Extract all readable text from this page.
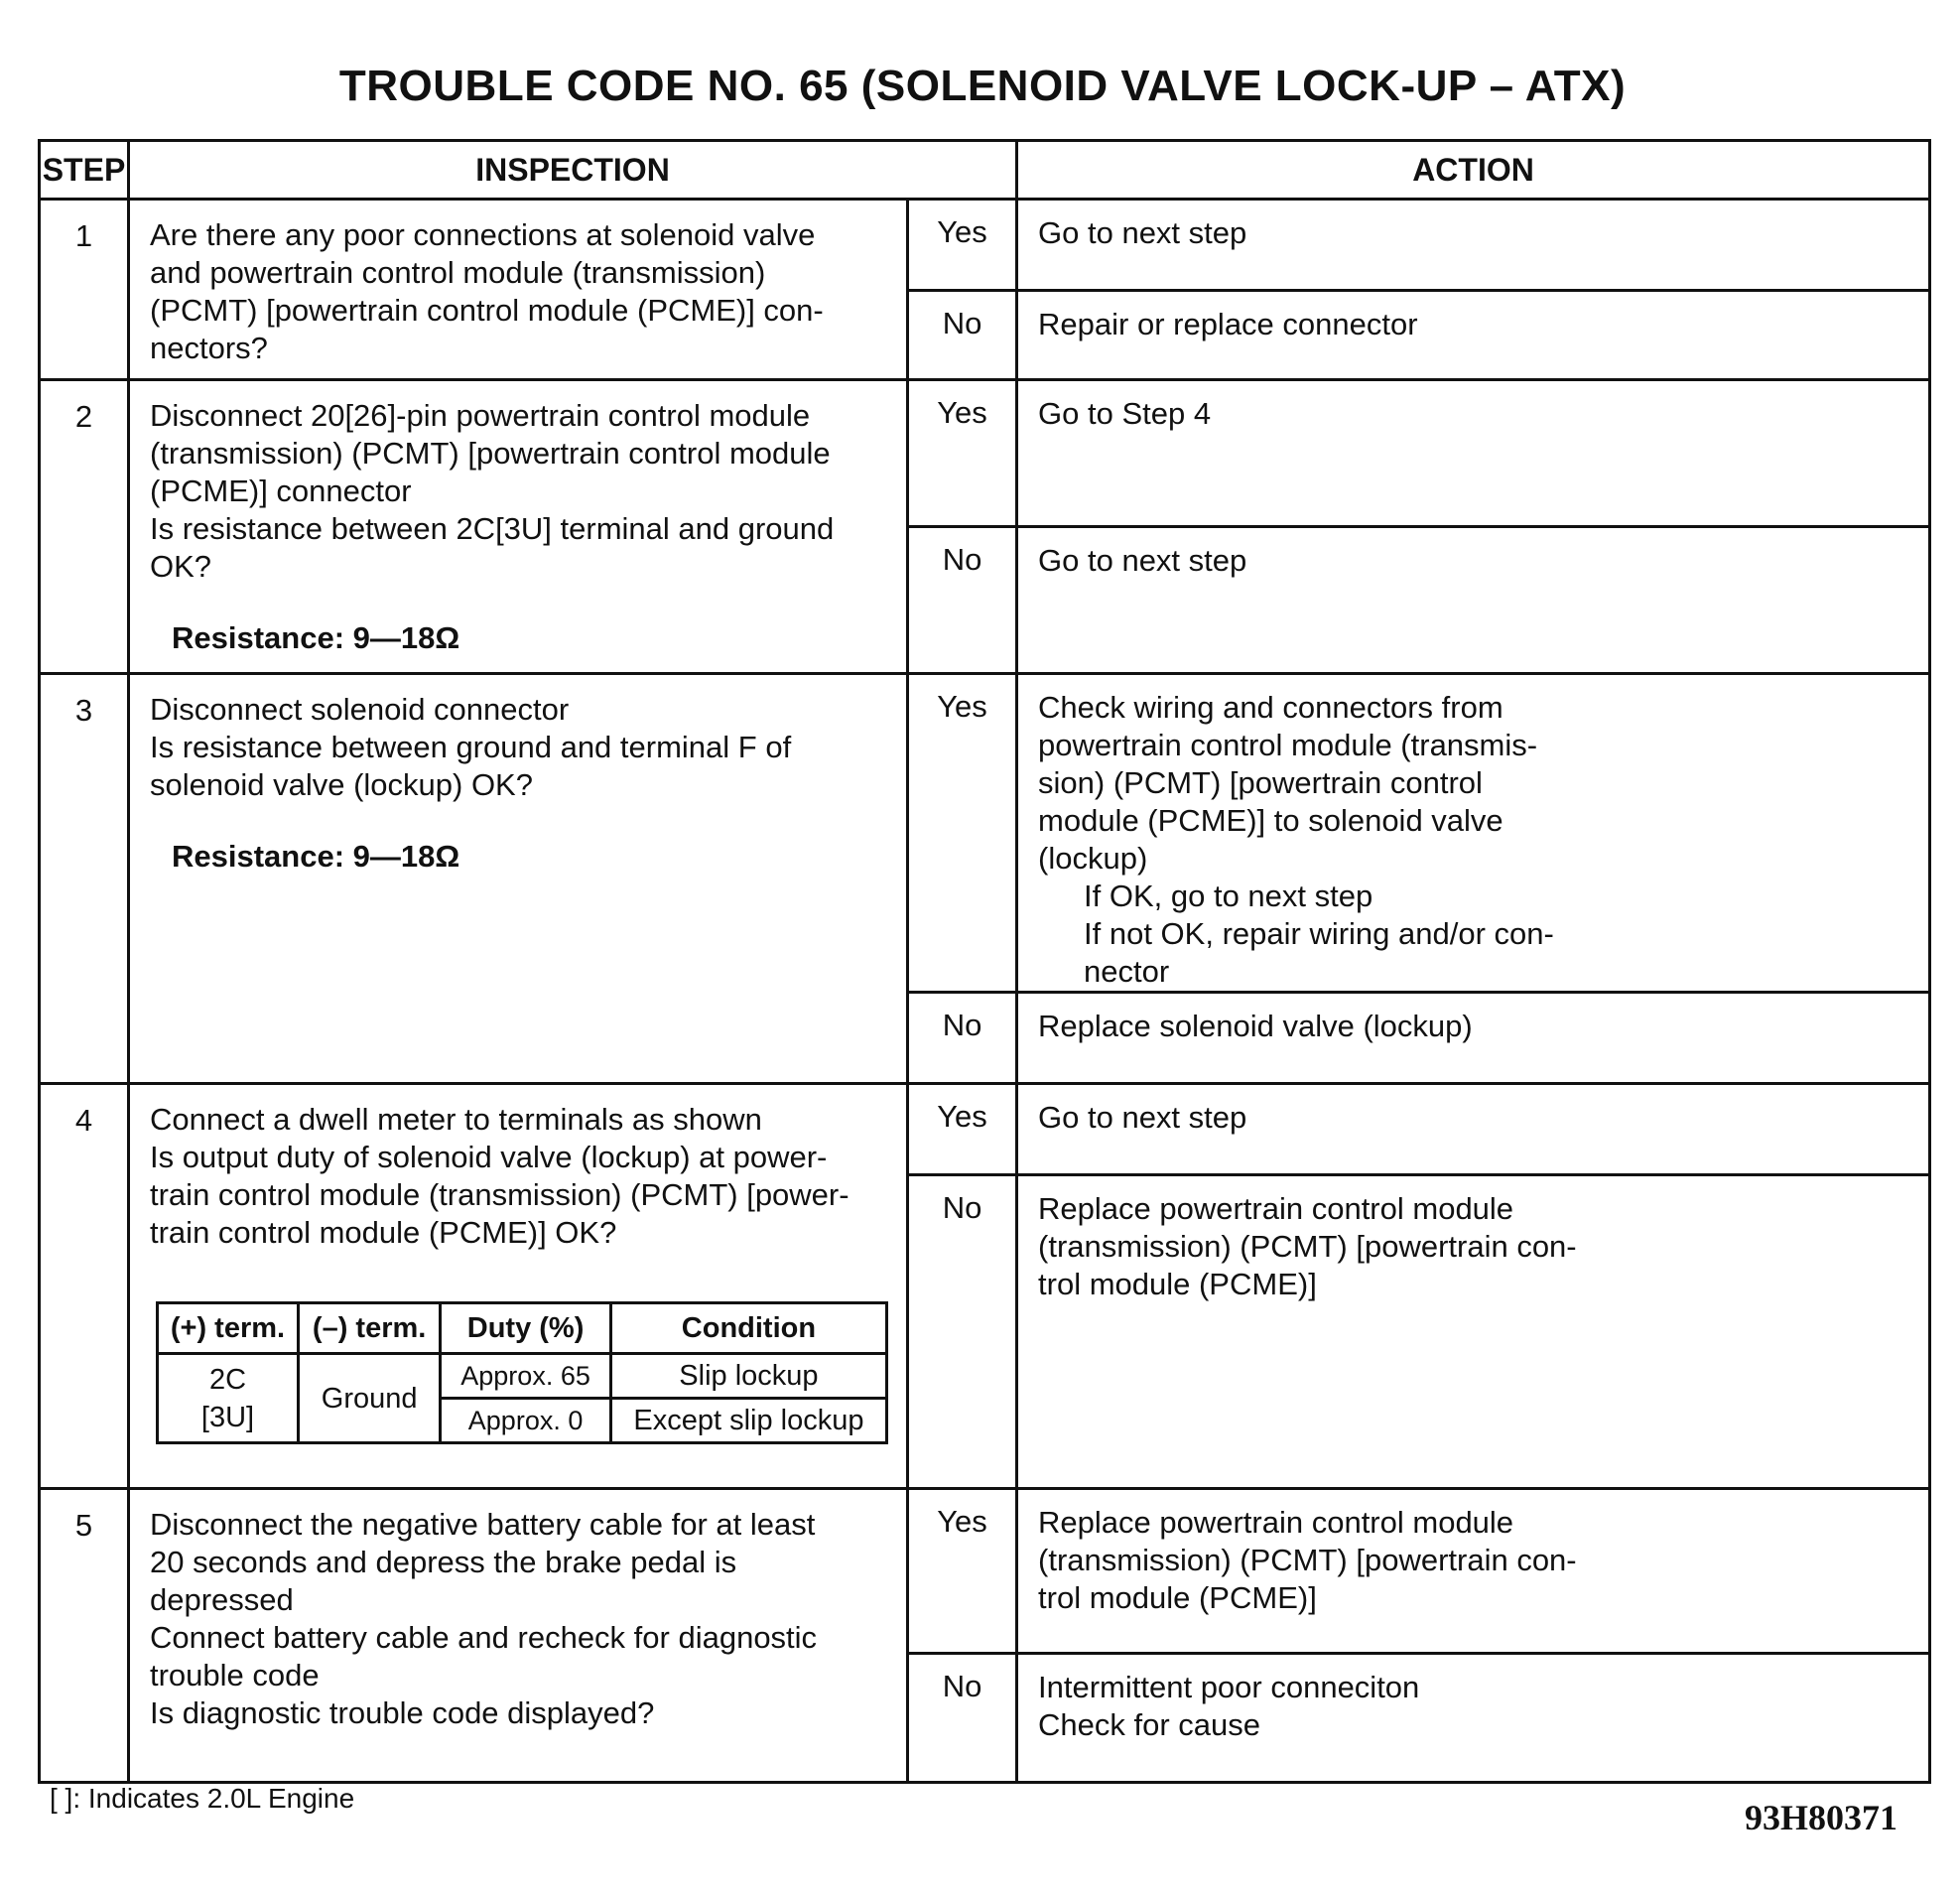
TROUBLE CODE NO. 65 (SOLENOID VALVE LOCK-UP – ATX)
STEP	INSPECTION	ACTION
1	Are there any poor connections at solenoid valve
and powertrain control module (transmission)
(PCMT) [powertrain control module (PCME)] con-
nectors?	Yes	Go to next step
No	Repair or replace connector
2	Disconnect 20[26]-pin powertrain control module
(transmission) (PCMT) [powertrain control module
(PCME)] connector
Is resistance between 2C[3U] terminal and ground
OK?
Resistance: 9—18Ω
	Yes	Go to Step 4
No	Go to next step
3	Disconnect solenoid connector
Is resistance between ground and terminal F of
solenoid valve (lockup) OK?
Resistance: 9—18Ω
	Yes	Check wiring and connectors from
powertrain control module (transmis-
sion) (PCMT) [powertrain control
module (PCME)] to solenoid valve
(lockup)
If OK, go to next step
If not OK, repair wiring and/or con-
nector

No	Replace solenoid valve (lockup)
4	Connect a dwell meter to terminals as shown
Is output duty of solenoid valve (lockup) at power-
train control module (transmission) (PCMT) [power-
train control module (PCME)] OK?
(+) term.	(–) term.	Duty (%)	Condition
2C
[3U]	Ground	Approx. 65	Slip lockup
Approx. 0	Except slip lockup
	Yes	Go to next step
No	Replace powertrain control module
(transmission) (PCMT) [powertrain con-
trol module (PCME)]
5	Disconnect the negative battery cable for at least
20 seconds and depress the brake pedal is
depressed
Connect battery cable and recheck for diagnostic
trouble code
Is diagnostic trouble code displayed?	Yes	Replace powertrain control module
(transmission) (PCMT) [powertrain con-
trol module (PCME)]
No	Intermittent poor conneciton
Check for cause
[ ]: Indicates 2.0L Engine	93H80371
